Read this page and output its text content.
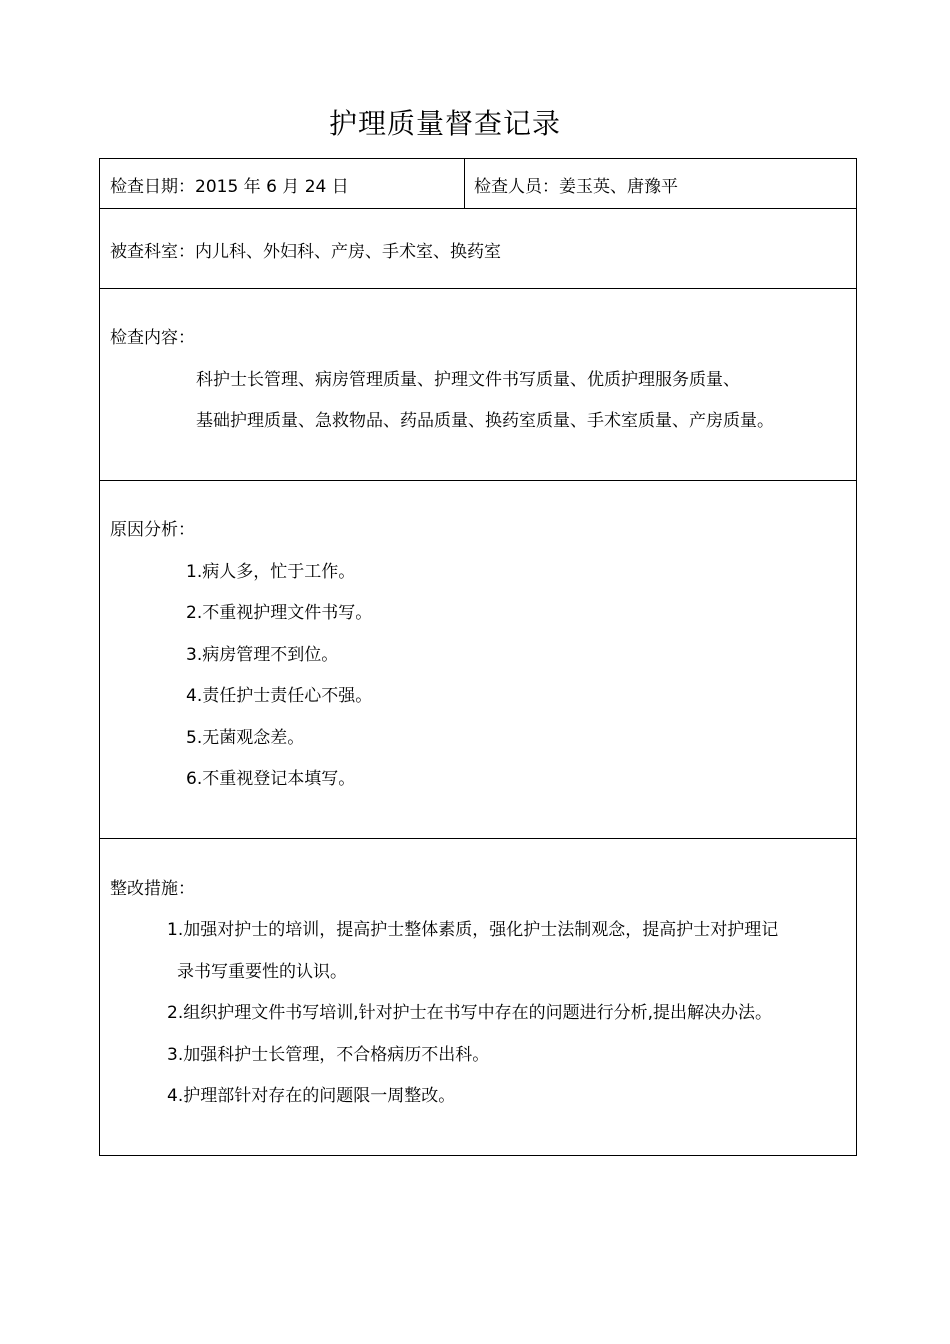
护理质量督查记录
检查日期：2015 年 6 月 24 日	检查人员：姜玉英、唐豫平

被查科室：内儿科、外妇科、产房、手术室、换药室

检查内容：
科护士长管理、病房管理质量、护理文件书写质量、优质护理服务质量、
基础护理质量、急救物品、药品质量、换药室质量、手术室质量、产房质量。

原因分析：
1.病人多，忙于工作。
2.不重视护理文件书写。
3.病房管理不到位。
4.责任护士责任心不强。
5.无菌观念差。
6.不重视登记本填写。

整改措施：
1.加强对护士的培训，提高护士整体素质，强化护士法制观念，提高护士对护理记
录书写重要性的认识。
2.组织护理文件书写培训,针对护士在书写中存在的问题进行分析,提出解决办法。
3.加强科护士长管理，不合格病历不出科。
4.护理部针对存在的问题限一周整改。
